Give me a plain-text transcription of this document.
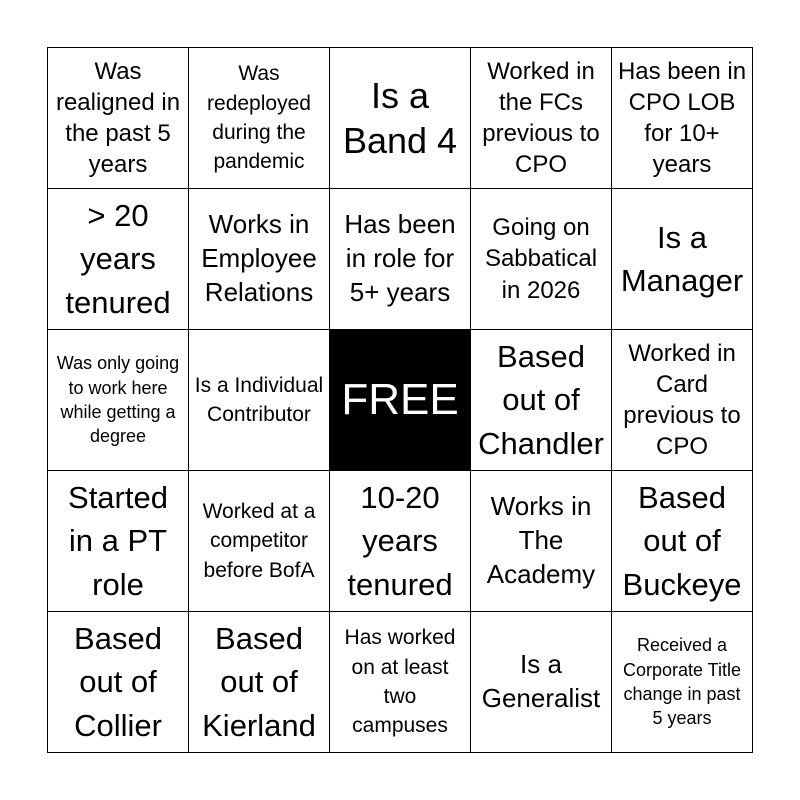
Was realigned in the past 5 years
Was redeployed during the pandemic
Is a Band 4
Worked in the FCs previous to CPO
Has been in CPO LOB for 10+ years
> 20 years tenured
Works in Employee Relations
Has been in role for 5+ years
Going on Sabbatical in 2026
Is a Manager
Was only going to work here while getting a degree
Is a Individual Contributor FREE
Based out of Chandler
Worked in Card previous to CPO
Started in a PT role
Worked at a competitor before BofA
10-20 years tenured
Works in The Academy
Based out of Buckeye
Based out of Collier
Based out of Kierland
Has worked on at least two campuses
Is a Generalist
Received a Corporate Title change in past 5 years
